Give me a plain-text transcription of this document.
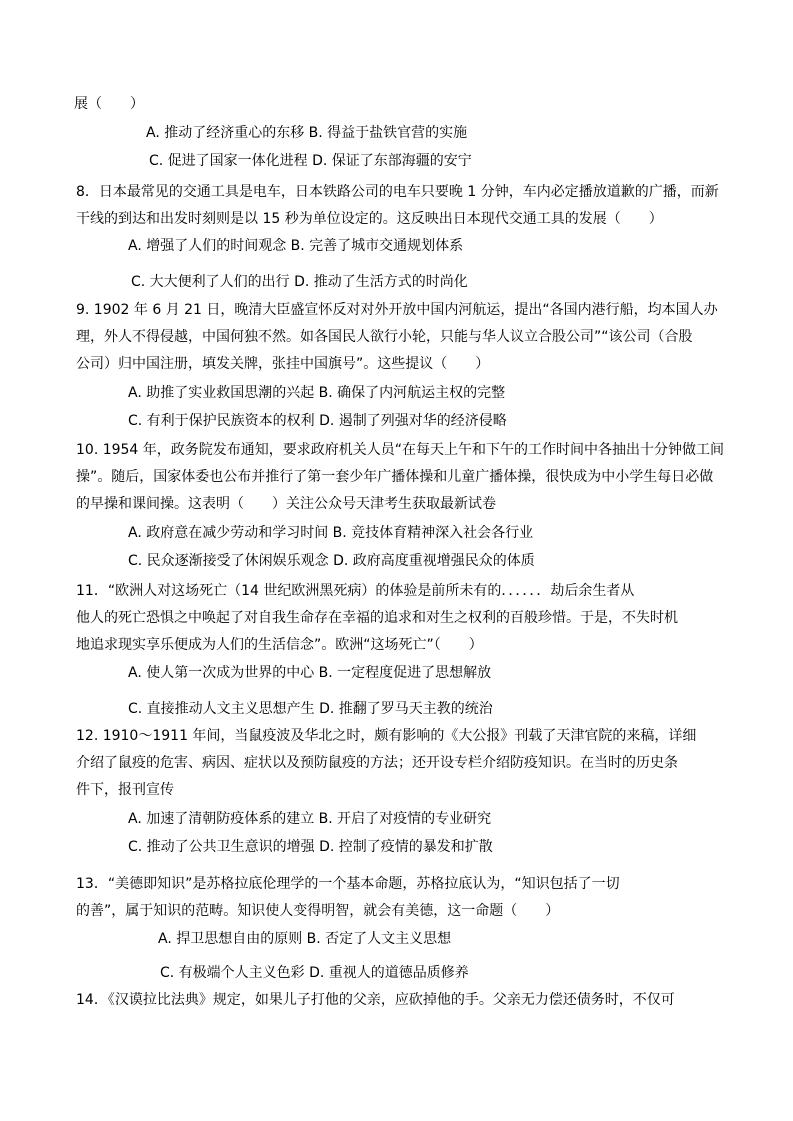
展（　　）
A. 推动了经济重心的东移 B. 得益于盐铁官营的实施
C. 促进了国家一体化进程 D. 保证了东部海疆的安宁
8．日本最常见的交通工具是电车，日本铁路公司的电车只要晚 1 分钟，车内必定播放道歉的广播，而新
干线的到达和出发时刻则是以 15 秒为单位设定的。这反映出日本现代交通工具的发展（　　）
A. 增强了人们的时间观念 B. 完善了城市交通规划体系
C. 大大便利了人们的出行 D. 推动了生活方式的时尚化
9. 1902 年 6 月 21 日，晚清大臣盛宣怀反对对外开放中国内河航运，提出“各国内港行船，均本国人办
理，外人不得侵越，中国何独不然。如各国民人欲行小轮，只能与华人议立合股公司”“该公司（合股
公司）归中国注册，填发关牌，张挂中国旗号”。这些提议（　　）
A. 助推了实业救国思潮的兴起 B. 确保了内河航运主权的完整
C. 有利于保护民族资本的权利 D. 遏制了列强对华的经济侵略
10. 1954 年，政务院发布通知，要求政府机关人员“在每天上午和下午的工作时间中各抽出十分钟做工间
操”。随后，国家体委也公布并推行了第一套少年广播体操和儿童广播体操，很快成为中小学生每日必做
的早操和课间操。这表明（　　）关注公众号天津考生获取最新试卷
A. 政府意在减少劳动和学习时间 B. 竞技体育精神深入社会各行业
C. 民众逐渐接受了休闲娱乐观念 D. 政府高度重视增强民众的体质
11．“欧洲人对这场死亡（14 世纪欧洲黑死病）的体验是前所未有的．．．．．．劫后余生者从
他人的死亡恐惧之中唤起了对自我生命存在幸福的追求和对生之权利的百般珍惜。于是，不失时机
地追求现实享乐便成为人们的生活信念”。欧洲“这场死亡”（　　）
A. 使人第一次成为世界的中心 B. 一定程度促进了思想解放
C. 直接推动人文主义思想产生 D. 推翻了罗马天主教的统治
12. 1910～1911 年间，当鼠疫波及华北之时，颇有影响的《大公报》刊载了天津官院的来稿，详细
介绍了鼠疫的危害、病因、症状以及预防鼠疫的方法；还开设专栏介绍防疫知识。在当时的历史条
件下，报刊宣传
A. 加速了清朝防疫体系的建立 B. 开启了对疫情的专业研究
C. 推动了公共卫生意识的增强 D. 控制了疫情的暴发和扩散
13．“美德即知识”是苏格拉底伦理学的一个基本命题，苏格拉底认为，“知识包括了一切
的善”，属于知识的范畴。知识使人变得明智，就会有美德，这一命题（　　）
A. 捍卫思想自由的原则 B. 否定了人文主义思想
C. 有极端个人主义色彩 D. 重视人的道德品质修养
14．《汉谟拉比法典》规定，如果儿子打他的父亲，应砍掉他的手。父亲无力偿还债务时，不仅可
